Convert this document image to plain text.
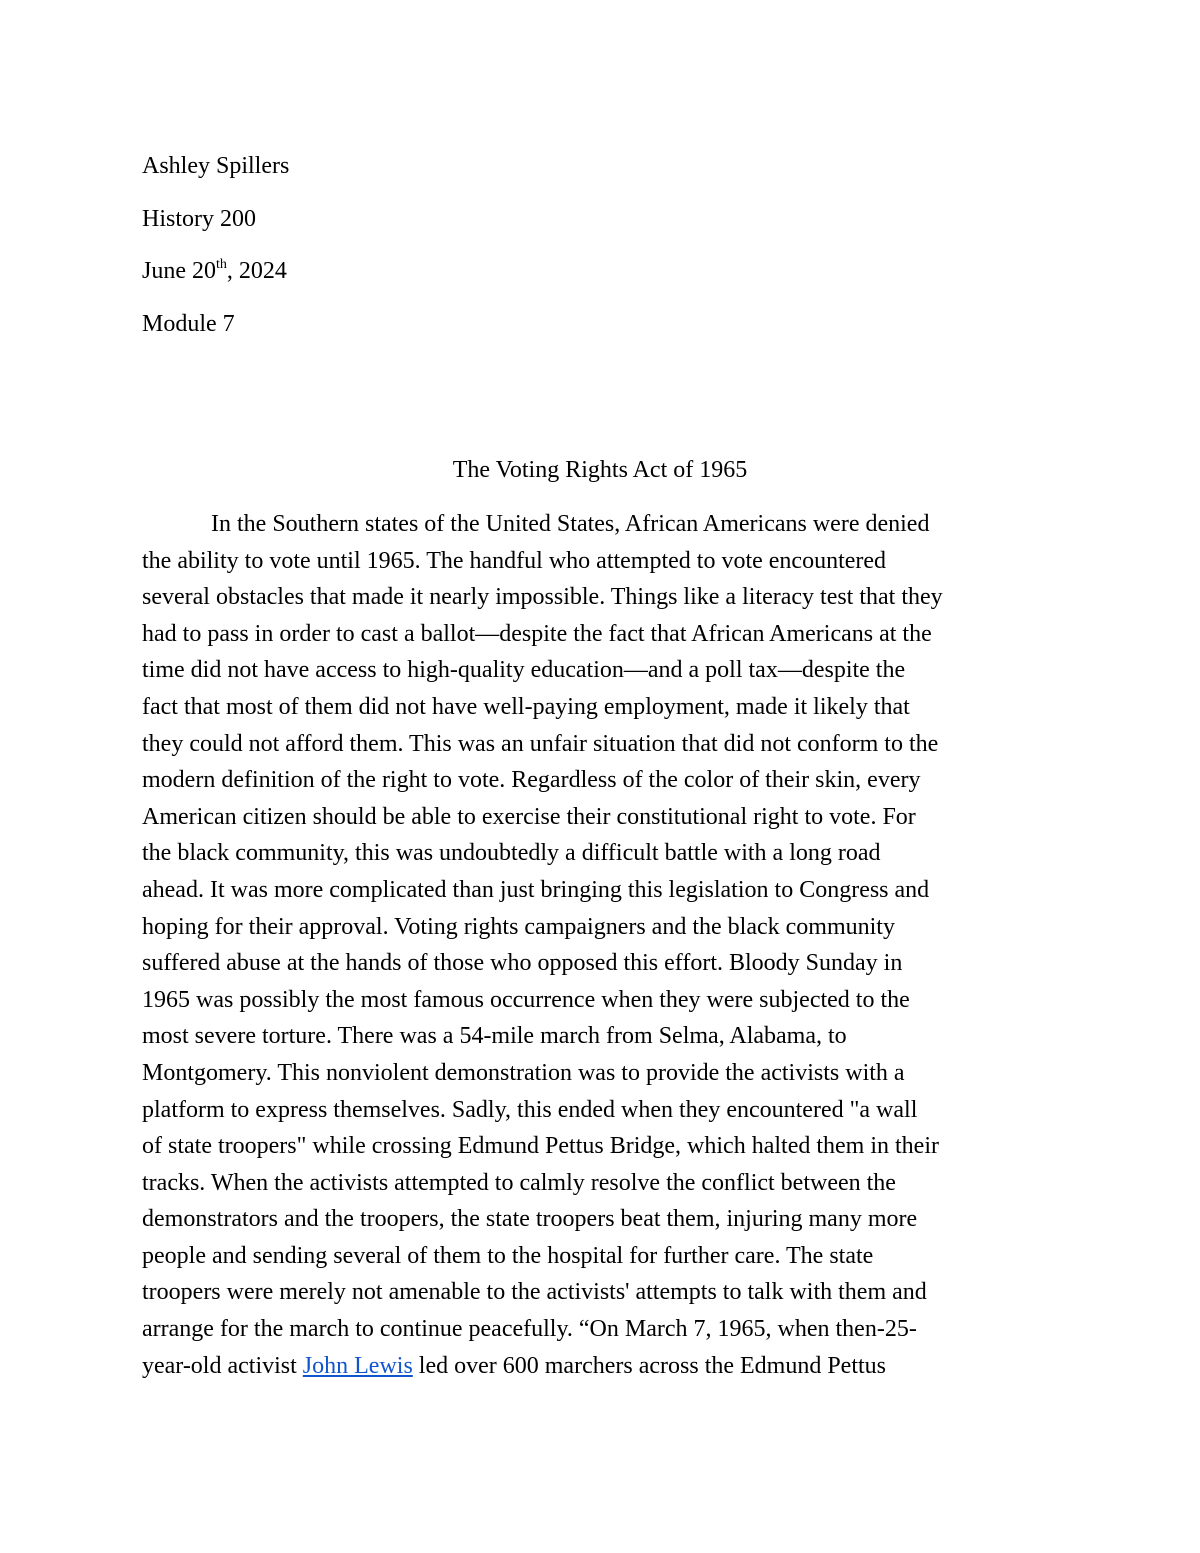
Ashley Spillers
History 200
June 20th, 2024
Module 7
The Voting Rights Act of 1965
In the Southern states of the United States, African Americans were denied
the ability to vote until 1965. The handful who attempted to vote encountered
several obstacles that made it nearly impossible. Things like a literacy test that they
had to pass in order to cast a ballot—despite the fact that African Americans at the
time did not have access to high-quality education—and a poll tax—despite the
fact that most of them did not have well-paying employment, made it likely that
they could not afford them. This was an unfair situation that did not conform to the
modern definition of the right to vote. Regardless of the color of their skin, every
American citizen should be able to exercise their constitutional right to vote. For
the black community, this was undoubtedly a difficult battle with a long road
ahead. It was more complicated than just bringing this legislation to Congress and
hoping for their approval. Voting rights campaigners and the black community
suffered abuse at the hands of those who opposed this effort. Bloody Sunday in
1965 was possibly the most famous occurrence when they were subjected to the
most severe torture. There was a 54-mile march from Selma, Alabama, to
Montgomery. This nonviolent demonstration was to provide the activists with a
platform to express themselves. Sadly, this ended when they encountered "a wall
of state troopers" while crossing Edmund Pettus Bridge, which halted them in their
tracks. When the activists attempted to calmly resolve the conflict between the
demonstrators and the troopers, the state troopers beat them, injuring many more
people and sending several of them to the hospital for further care. The state
troopers were merely not amenable to the activists' attempts to talk with them and
arrange for the march to continue peacefully. “On March 7, 1965, when then-25-
year-old activist John Lewis led over 600 marchers across the Edmund Pettus
